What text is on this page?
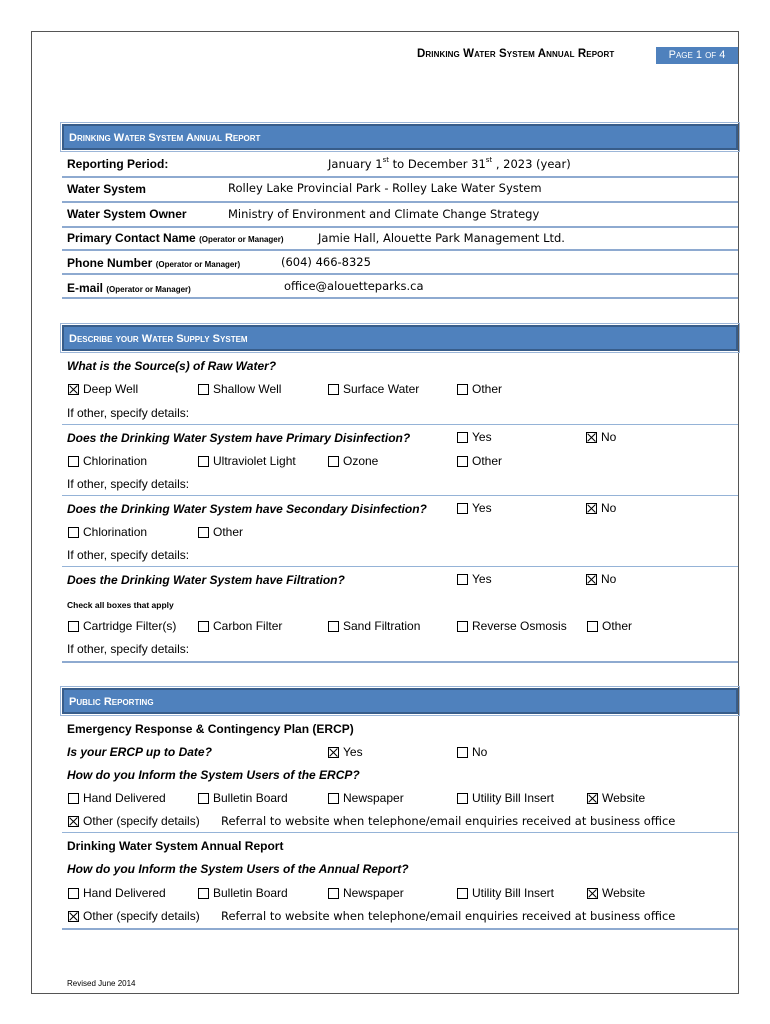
Drinking Water System Annual Report	Page 1 of 4
Drinking Water System Annual Report
Reporting Period:	January 1st to December 31st , 2023 (year)
Water System	Rolley Lake Provincial Park - Rolley Lake Water System
Water System Owner	Ministry of Environment and Climate Change Strategy
Primary Contact Name (Operator or Manager)	Jamie Hall, Alouette Park Management Ltd.
Phone Number (Operator or Manager)	(604) 466-8325
E-mail (Operator or Manager)	office@alouetteparks.ca
Describe your Water Supply System
What is the Source(s) of Raw Water?
Deep Well	Shallow Well	Surface Water	Other
If other, specify details:
Does the Drinking Water System have Primary Disinfection?	Yes	No
Chlorination	Ultraviolet Light	Ozone	Other
If other, specify details:
Does the Drinking Water System have Secondary Disinfection?	Yes	No
Chlorination	Other
If other, specify details:
Does the Drinking Water System have Filtration?	Yes	No
Check all boxes that apply
Cartridge Filter(s)	Carbon Filter	Sand Filtration	Reverse Osmosis	Other
If other, specify details:
Public Reporting
Emergency Response & Contingency Plan (ERCP)
Is your ERCP up to Date?	Yes	No
How do you Inform the System Users of the ERCP?
Hand Delivered	Bulletin Board	Newspaper	Utility Bill Insert	Website
Other (specify details) Referral to website when telephone/email enquiries received at business office
Drinking Water System Annual Report
How do you Inform the System Users of the Annual Report?
Hand Delivered	Bulletin Board	Newspaper	Utility Bill Insert	Website
Other (specify details) Referral to website when telephone/email enquiries received at business office
Revised June 2014
